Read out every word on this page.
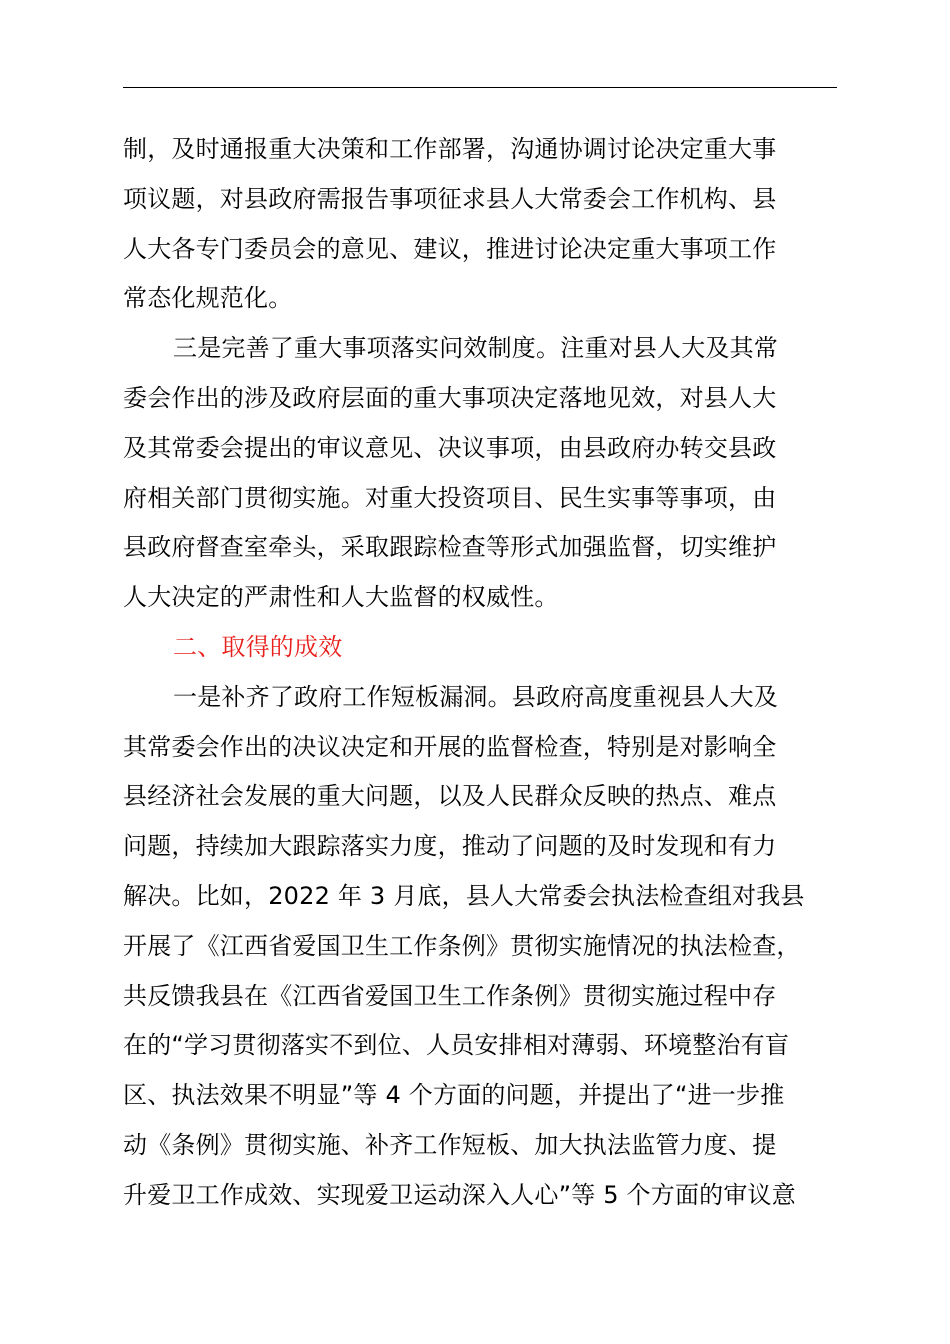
制，及时通报重大决策和工作部署，沟通协调讨论决定重大事
项议题，对县政府需报告事项征求县人大常委会工作机构、县
人大各专门委员会的意见、建议，推进讨论决定重大事项工作
常态化规范化。
三是完善了重大事项落实问效制度。注重对县人大及其常
委会作出的涉及政府层面的重大事项决定落地见效，对县人大
及其常委会提出的审议意见、决议事项，由县政府办转交县政
府相关部门贯彻实施。对重大投资项目、民生实事等事项，由
县政府督查室牵头，采取跟踪检查等形式加强监督，切实维护
人大决定的严肃性和人大监督的权威性。
二、取得的成效
一是补齐了政府工作短板漏洞。县政府高度重视县人大及
其常委会作出的决议决定和开展的监督检查，特别是对影响全
县经济社会发展的重大问题，以及人民群众反映的热点、难点
问题，持续加大跟踪落实力度，推动了问题的及时发现和有力
解决。比如，2022 年 3 月底，县人大常委会执法检查组对我县
开展了《江西省爱国卫生工作条例》贯彻实施情况的执法检查，
共反馈我县在《江西省爱国卫生工作条例》贯彻实施过程中存
在的“学习贯彻落实不到位、人员安排相对薄弱、环境整治有盲
区、执法效果不明显”等 4 个方面的问题，并提出了“进一步推
动《条例》贯彻实施、补齐工作短板、加大执法监管力度、提
升爱卫工作成效、实现爱卫运动深入人心”等 5 个方面的审议意
